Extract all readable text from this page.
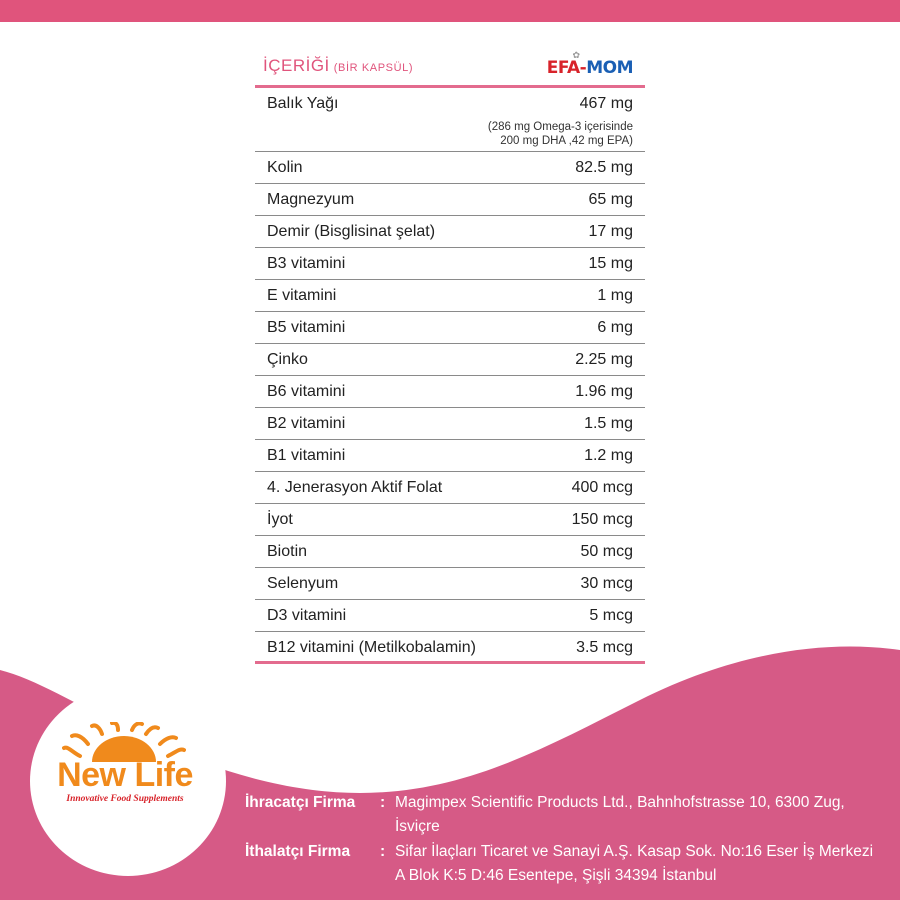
İÇERİĞİ (BİR KAPSÜL)
✿
EFA-MOM
Balık Yağı	467 mg
(286 mg Omega-3 içerisinde
200 mg DHA ,42 mg EPA)
Kolin	82.5 mg
Magnezyum	65 mg
Demir (Bisglisinat şelat)	17 mg
B3 vitamini	15 mg
E vitamini	1 mg
B5 vitamini	6 mg
Çinko	2.25 mg
B6 vitamini	1.96 mg
B2 vitamini	1.5 mg
B1 vitamini	1.2 mg
4. Jenerasyon Aktif Folat	400 mcg
İyot	150 mcg
Biotin	50 mcg
Selenyum	30 mcg
D3 vitamini	5 mcg
B12 vitamini (Metilkobalamin)	3.5 mcg
New Life
Innovative Food Supplements	İhracatçı Firma : Magimpex Scientific Products Ltd., Bahnhofstrasse 10, 6300 Zug, İsviçre
İthalatçı Firma : Sifar İlaçları Ticaret ve Sanayi A.Ş. Kasap Sok. No:16 Eser İş Merkezi A Blok K:5 D:46 Esentepe, Şişli 34394 İstanbul
